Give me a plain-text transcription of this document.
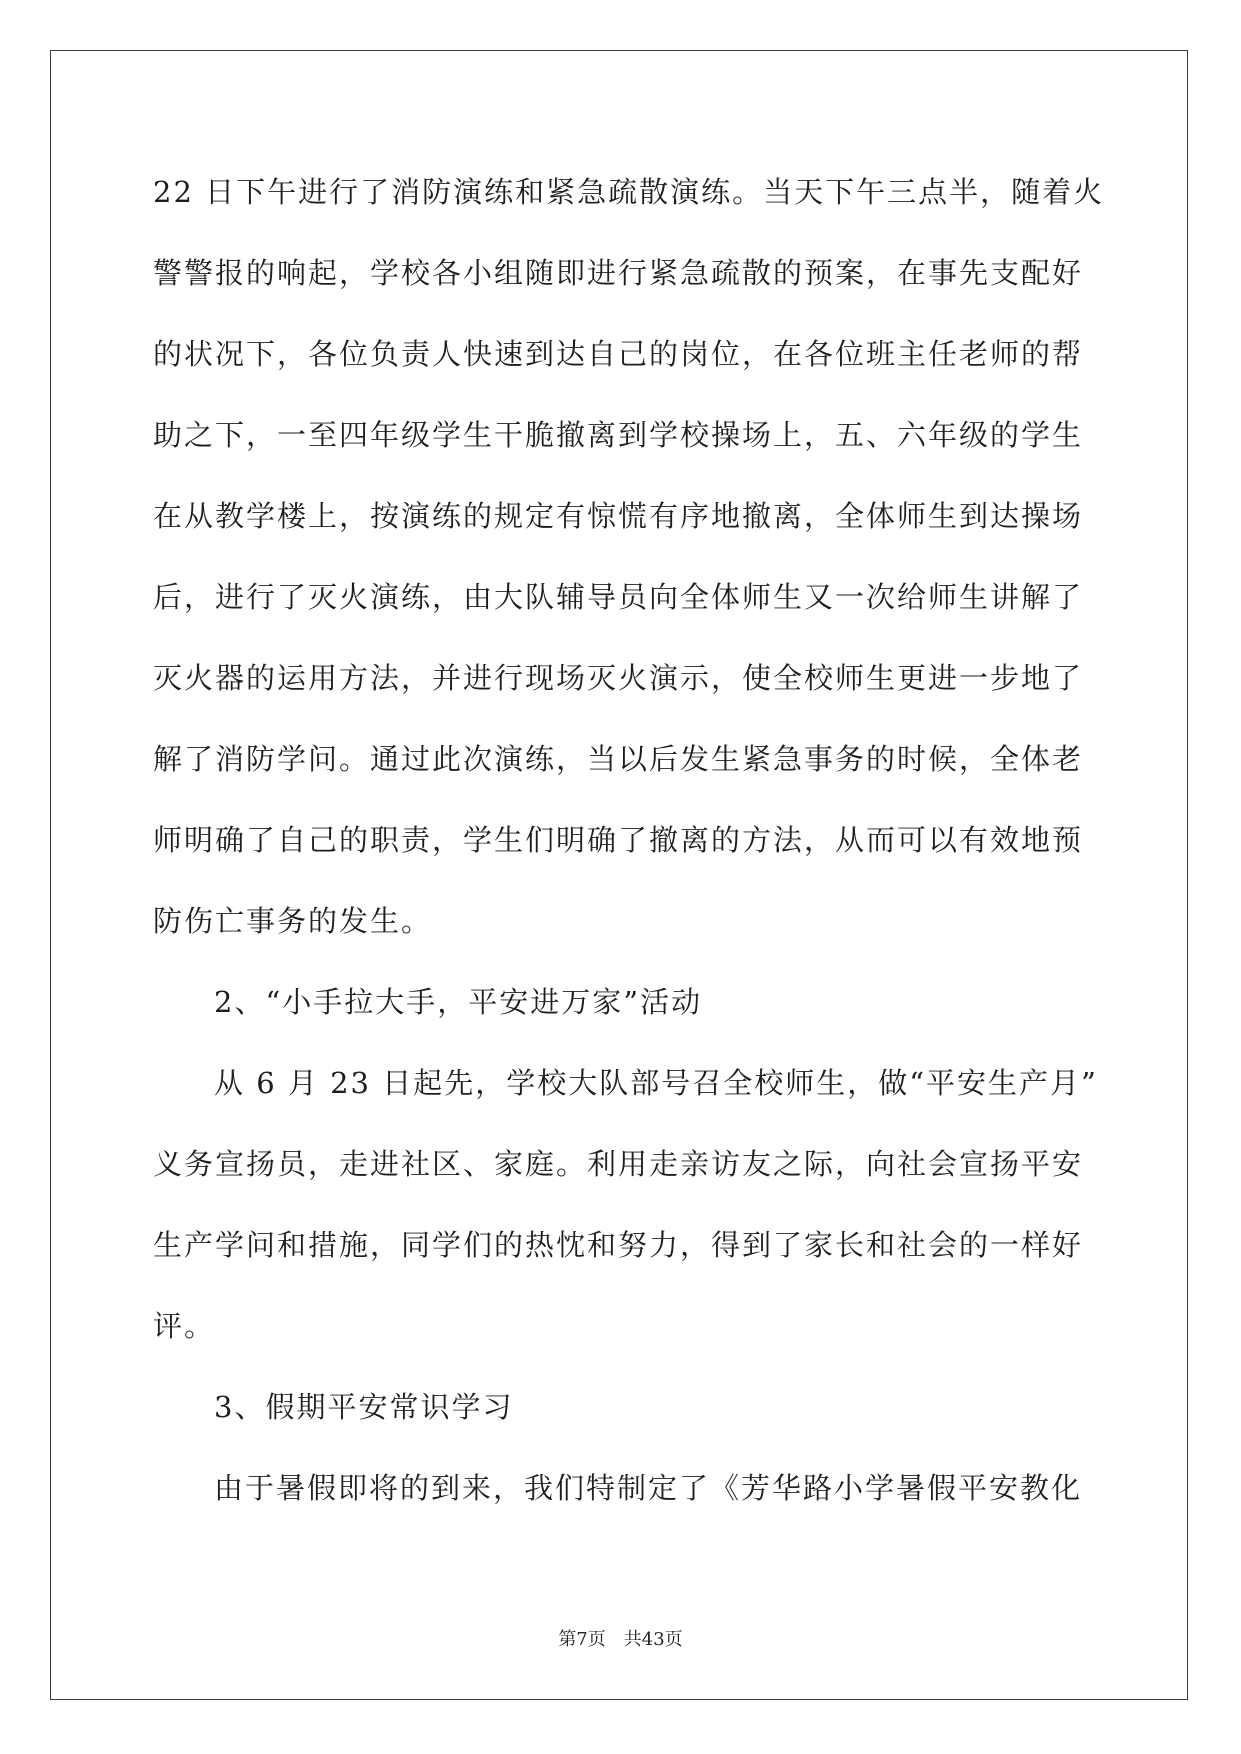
22 日下午进行了消防演练和紧急疏散演练。当天下午三点半，随着火
警警报的响起，学校各小组随即进行紧急疏散的预案，在事先支配好
的状况下，各位负责人快速到达自己的岗位，在各位班主任老师的帮
助之下，一至四年级学生干脆撤离到学校操场上，五、六年级的学生
在从教学楼上，按演练的规定有惊慌有序地撤离，全体师生到达操场
后，进行了灭火演练，由大队辅导员向全体师生又一次给师生讲解了
灭火器的运用方法，并进行现场灭火演示，使全校师生更进一步地了
解了消防学问。通过此次演练，当以后发生紧急事务的时候，全体老
师明确了自己的职责，学生们明确了撤离的方法，从而可以有效地预
防伤亡事务的发生。
2、“小手拉大手，平安进万家”活动
从 6 月 23 日起先，学校大队部号召全校师生，做“平安生产月”
义务宣扬员，走进社区、家庭。利用走亲访友之际，向社会宣扬平安
生产学问和措施，同学们的热忱和努力，得到了家长和社会的一样好
评。
3、假期平安常识学习
由于暑假即将的到来，我们特制定了《芳华路小学暑假平安教化
第7页 共43页
